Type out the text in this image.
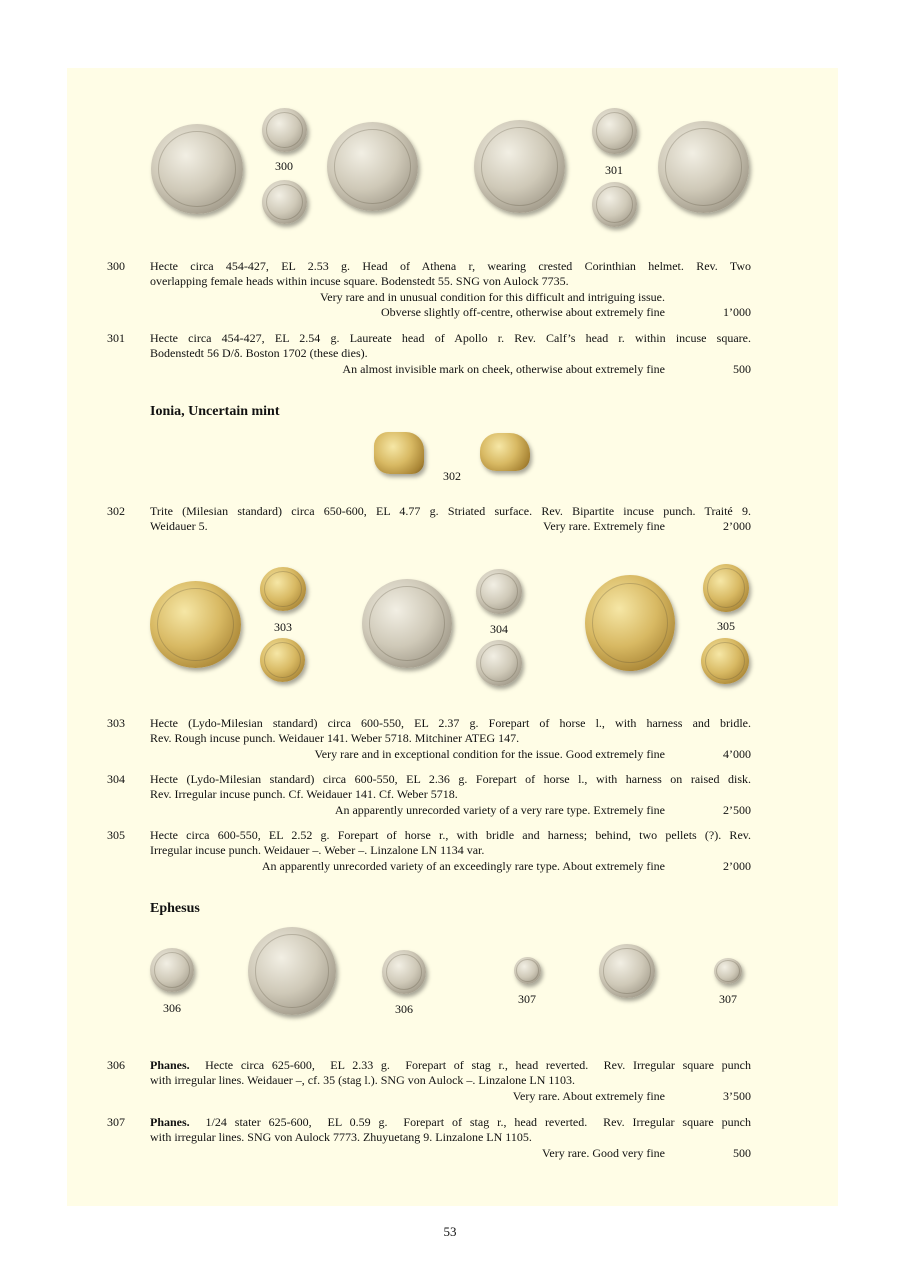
300	301
300 Hecte circa 454-427, EL 2.53 g. Head of Athena r, wearing crested Corinthian helmet. Rev. Two
overlapping female heads within incuse square. Bodenstedt 55. SNG von Aulock 7735.
Very rare and in unusual condition for this difficult and intriguing issue.
Obverse slightly off-centre, otherwise about extremely fine	1’000
301 Hecte circa 454-427, EL 2.54 g. Laureate head of Apollo r. Rev. Calf’s head r. within incuse square.
Bodenstedt 56 D/δ. Boston 1702 (these dies).
An almost invisible mark on cheek, otherwise about extremely fine	500
Ionia, Uncertain mint
302
302 Trite (Milesian standard) circa 650-600, EL 4.77 g. Striated surface. Rev. Bipartite incuse punch. Traité 9.
Weidauer 5.	Very rare. Extremely fine	2’000
303	304	305
303 Hecte (Lydo-Milesian standard) circa 600-550, EL 2.37 g. Forepart of horse l., with harness and bridle.
Rev. Rough incuse punch. Weidauer 141. Weber 5718. Mitchiner ATEG 147.
Very rare and in exceptional condition for the issue. Good extremely fine	4’000
304 Hecte (Lydo-Milesian standard) circa 600-550, EL 2.36 g. Forepart of horse l., with harness on raised disk.
Rev. Irregular incuse punch. Cf. Weidauer 141. Cf. Weber 5718.
An apparently unrecorded variety of a very rare type. Extremely fine	2’500
305 Hecte circa 600-550, EL 2.52 g. Forepart of horse r., with bridle and harness; behind, two pellets (?). Rev.
Irregular incuse punch. Weidauer –. Weber –. Linzalone LN 1134 var.
An apparently unrecorded variety of an exceedingly rare type. About extremely fine	2’000
Ephesus
306	306
307	307
306 Phanes.  Hecte circa 625-600,  EL 2.33 g.  Forepart of stag r., head reverted.  Rev. Irregular square punch
with irregular lines. Weidauer –, cf. 35 (stag l.). SNG von Aulock –. Linzalone LN 1103.
Very rare. About extremely fine	3’500
307 Phanes.  1/24 stater 625-600,  EL 0.59 g.  Forepart of stag r., head reverted.  Rev. Irregular square punch
with irregular lines. SNG von Aulock 7773. Zhuyuetang 9. Linzalone LN 1105.
Very rare. Good very fine	500
53
